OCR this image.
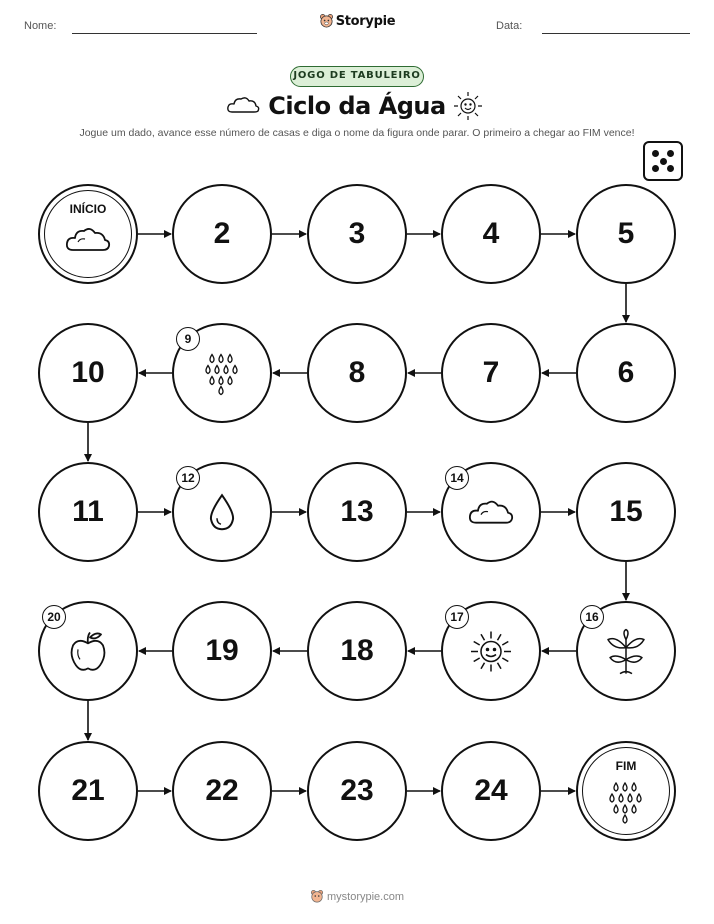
Nome:	Storypie	Data:
JOGO DE TABULEIRO
Ciclo da Água
Jogue um dado, avance esse número de casas e diga o nome da figura onde parar. O primeiro a chegar ao FIM vence!
INÍCIO
2	3	4	5
6
7
8
9
10
11
12
13
14
15
16
17
18
19
20
21	22	23	24
FIM
mystorypie.com
